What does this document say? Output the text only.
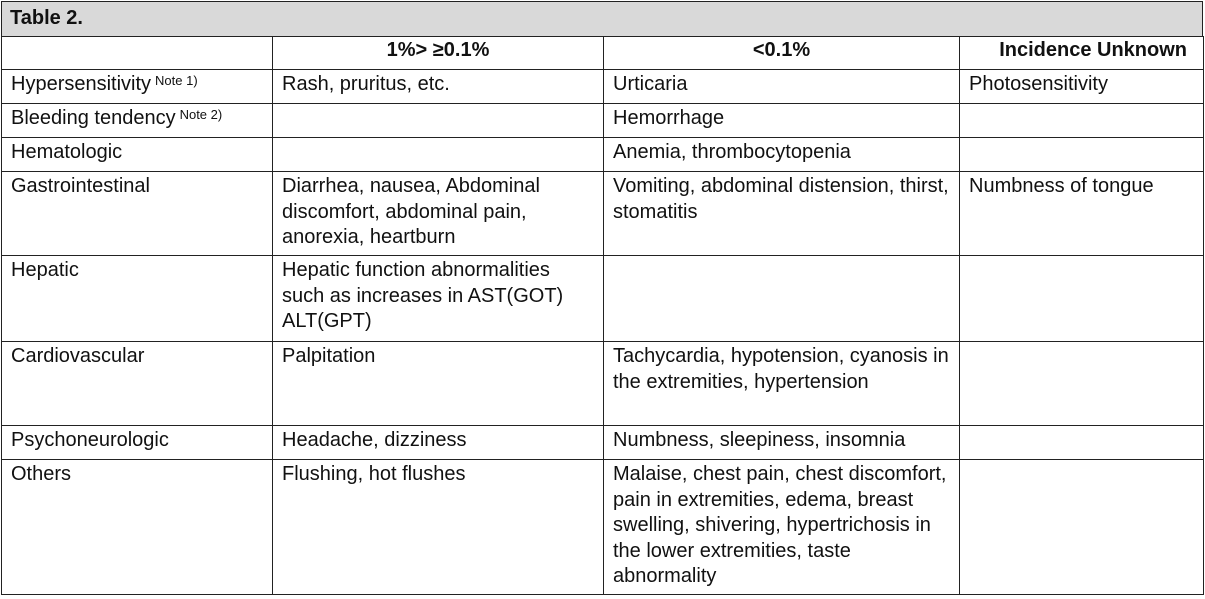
Table 2.
	1%> ≥0.1%	<0.1%	Incidence Unknown
Hypersensitivity $^{Note 1)}$	Rash, pruritus, etc.	Urticaria	Photosensitivity
Bleeding tendency $^{Note 2)}$		Hemorrhage	
Hematologic		Anemia, thrombocytopenia	
Gastrointestinal	Diarrhea, nausea, Abdominal discomfort, abdominal pain, anorexia, heartburn	Vomiting, abdominal distension, thirst, stomatitis	Numbness of tongue
Hepatic	Hepatic function abnormalities such as increases in AST(GOT) ALT(GPT)		
Cardiovascular	Palpitation	Tachycardia, hypotension, cyanosis in the extremities, hypertension	
Psychoneurologic	Headache, dizziness	Numbness, sleepiness, insomnia	
Others	Flushing, hot flushes	Malaise, chest pain, chest discomfort, pain in extremities, edema, breast swelling, shivering, hypertrichosis in the lower extremities, taste abnormality	
